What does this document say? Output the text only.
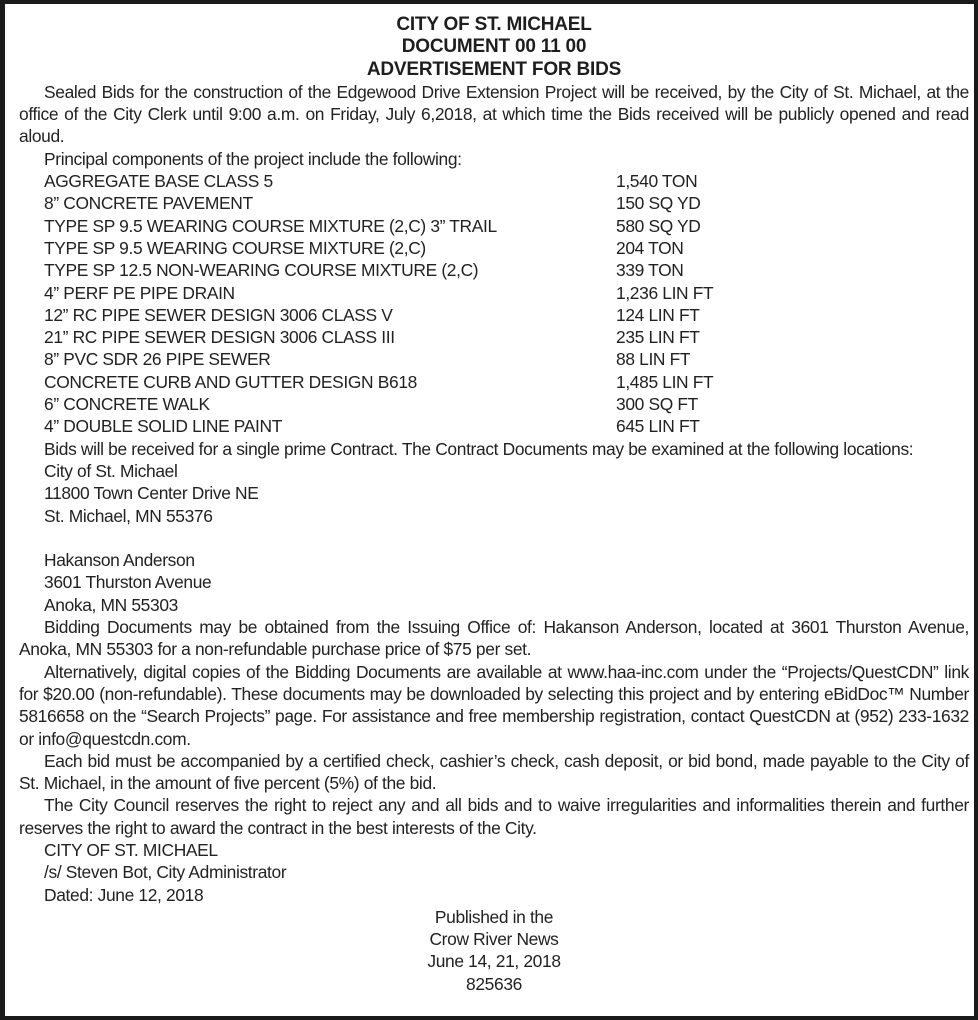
CITY OF ST. MICHAEL
DOCUMENT 00 11 00
ADVERTISEMENT FOR BIDS

Sealed Bids for the construction of the Edgewood Drive Extension Project will be received, by the City of St. Michael, at the office of the City Clerk until 9:00 a.m. on Friday, July 6,2018, at which time the Bids received will be publicly opened and read aloud.

Principal components of the project include the following:

AGGREGATE BASE CLASS 5	1,540 TON
8” CONCRETE PAVEMENT	150 SQ YD
TYPE SP 9.5 WEARING COURSE MIXTURE (2,C) 3” TRAIL	580 SQ YD
TYPE SP 9.5 WEARING COURSE MIXTURE (2,C)	204 TON
TYPE SP 12.5 NON-WEARING COURSE MIXTURE (2,C)	339 TON
4” PERF PE PIPE DRAIN	1,236 LIN FT
12” RC PIPE SEWER DESIGN 3006 CLASS V	124 LIN FT
21” RC PIPE SEWER DESIGN 3006 CLASS III	235 LIN FT
8” PVC SDR 26 PIPE SEWER	88 LIN FT
CONCRETE CURB AND GUTTER DESIGN B618	1,485 LIN FT
6” CONCRETE WALK	300 SQ FT
4” DOUBLE SOLID LINE PAINT	645 LIN FT

Bids will be received for a single prime Contract. The Contract Documents may be examined at the following locations:

City of St. Michael
11800 Town Center Drive NE
St. Michael, MN 55376
Hakanson Anderson
3601 Thurston Avenue
Anoka, MN 55303

Bidding Documents may be obtained from the Issuing Office of: Hakanson Anderson, located at 3601 Thurston Avenue, Anoka, MN 55303 for a non-refundable purchase price of $75 per set.

Alternatively, digital copies of the Bidding Documents are available at www.haa-inc.com under the “Projects/QuestCDN” link for $20.00 (non-refundable). These documents may be downloaded by selecting this project and by entering eBidDoc™ Number 5816658 on the “Search Projects” page. For assistance and free membership registration, contact QuestCDN at (952) 233-1632 or info@questcdn.com.

Each bid must be accompanied by a certified check, cashier’s check, cash deposit, or bid bond, made payable to the City of St. Michael, in the amount of five percent (5%) of the bid.

The City Council reserves the right to reject any and all bids and to waive irregularities and informalities therein and further reserves the right to award the contract in the best interests of the City.

CITY OF ST. MICHAEL
/s/ Steven Bot, City Administrator
Dated: June 12, 2018
Published in the
Crow River News
June 14, 21, 2018
825636
